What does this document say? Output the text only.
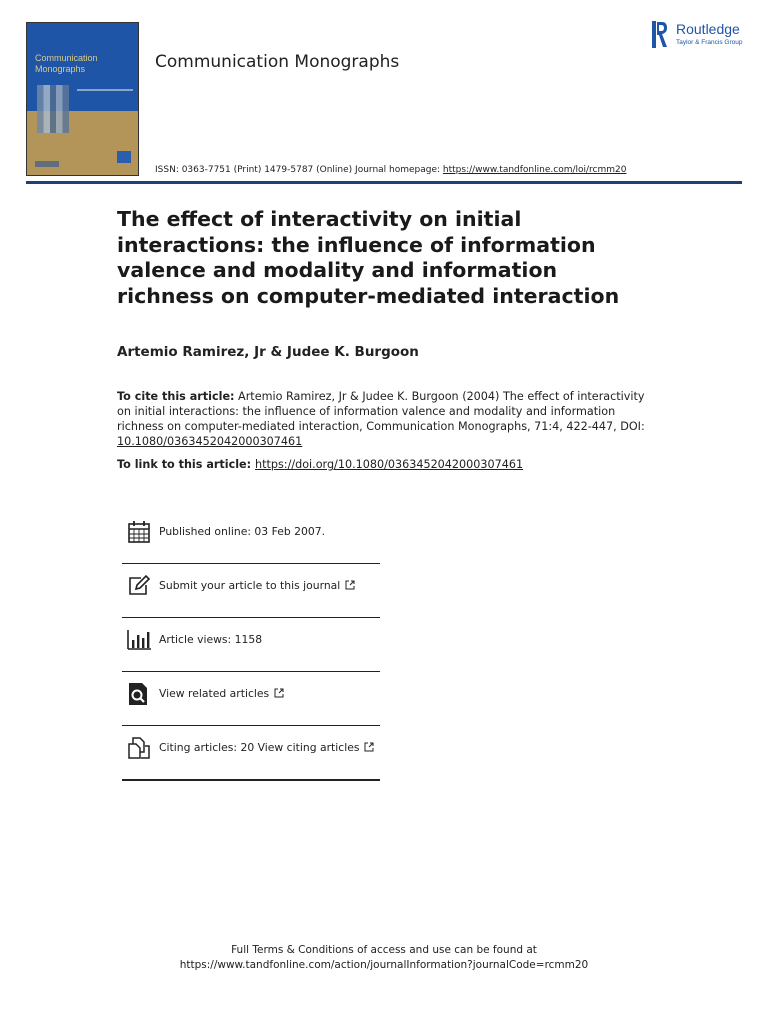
Communication
Monographs	Communication Monographs
Routledge
Taylor & Francis Group
ISSN: 0363-7751 (Print) 1479-5787 (Online) Journal homepage: https://www.tandfonline.com/loi/rcmm20
The effect of interactivity on initial interactions: the influence of information valence and modality and information richness on computer-mediated interaction
Artemio Ramirez, Jr & Judee K. Burgoon
To cite this article: Artemio Ramirez, Jr & Judee K. Burgoon (2004) The effect of interactivity on initial interactions: the influence of information valence and modality and information richness on computer-mediated interaction, Communication Monographs, 71:4, 422-447, DOI: 10.1080/0363452042000307461
To link to this article: https://doi.org/10.1080/0363452042000307461
Published online: 03 Feb 2007.
Submit your article to this journal
Article views: 1158
View related articles
Citing articles: 20 View citing articles
Full Terms & Conditions of access and use can be found at
https://www.tandfonline.com/action/journalInformation?journalCode=rcmm20
